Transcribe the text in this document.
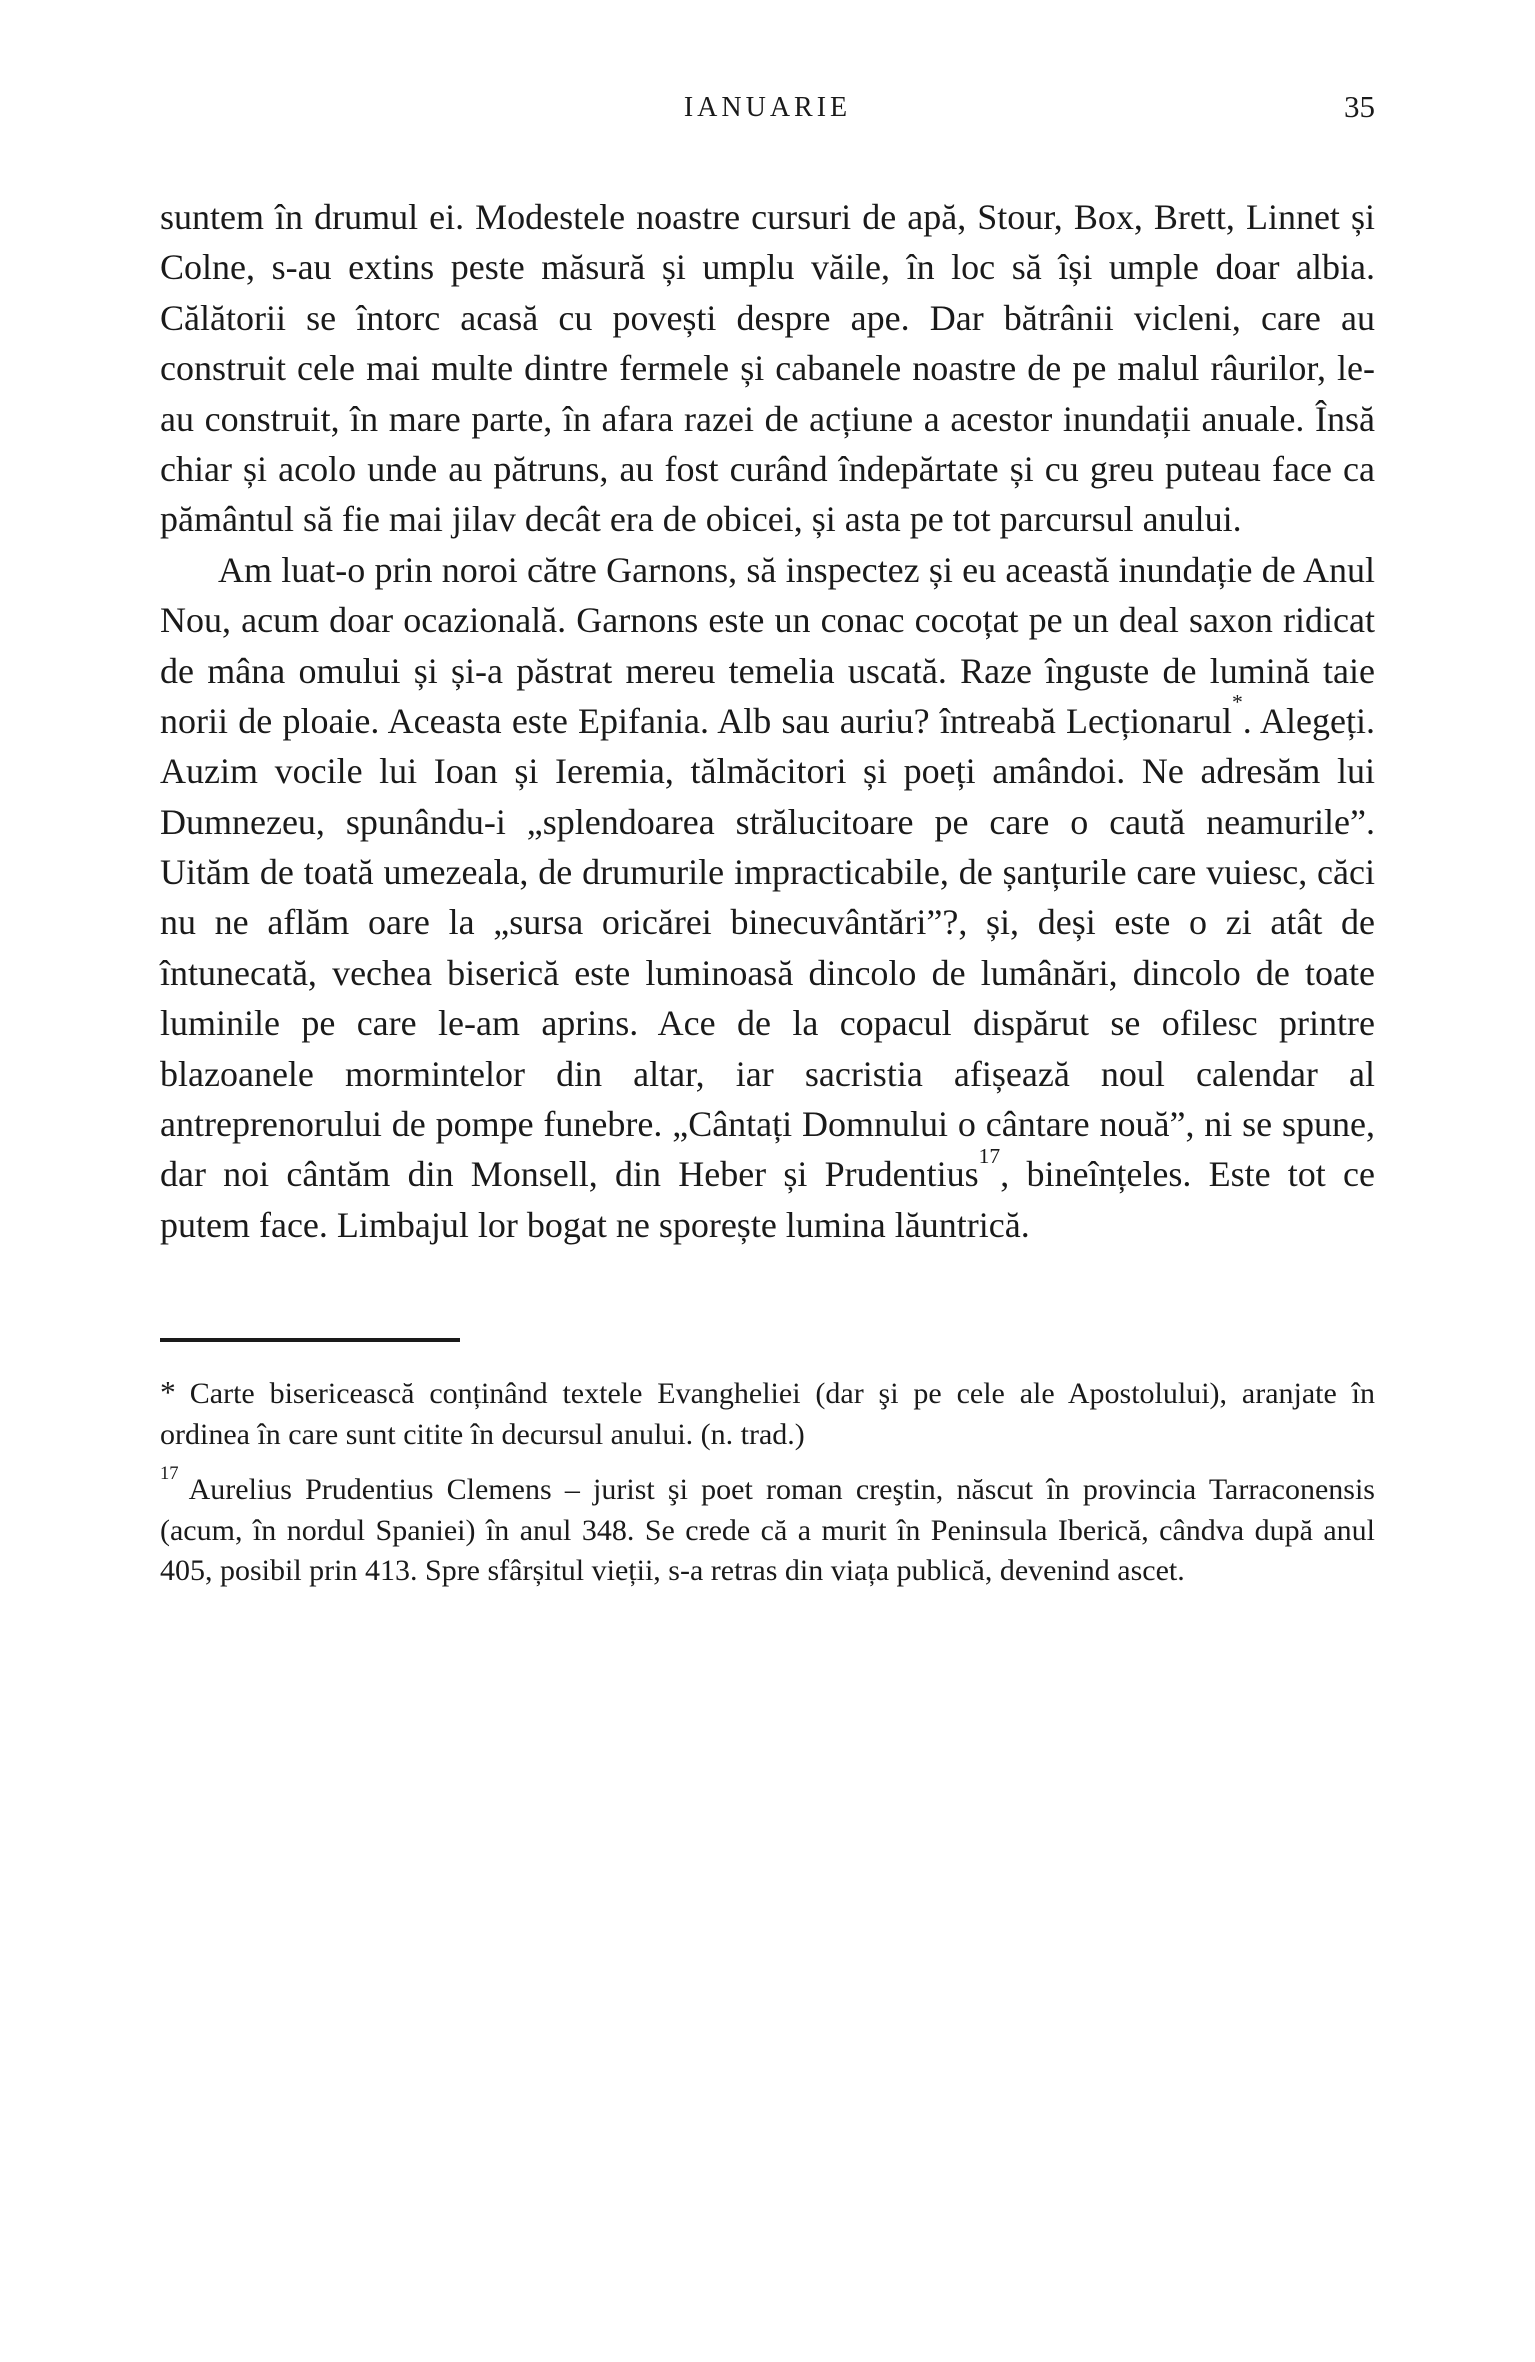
IANUARIE	35

suntem în drumul ei. Modestele noastre cursuri de apă, Stour, Box, Brett, Linnet și Colne, s-au extins peste măsură și umplu văile, în loc să își umple doar albia. Călătorii se întorc acasă cu povești despre ape. Dar bătrânii vicleni, care au construit cele mai multe dintre fermele și cabanele noastre de pe malul râurilor, le-au construit, în mare parte, în afara razei de acțiune a acestor inundații anuale. Însă chiar și acolo unde au pătruns, au fost curând îndepărtate și cu greu puteau face ca pământul să fie mai jilav decât era de obicei, și asta pe tot parcursul anului.

Am luat-o prin noroi către Garnons, să inspectez și eu această inundație de Anul Nou, acum doar ocazională. Garnons este un conac cocoțat pe un deal saxon ridicat de mâna omului și și-a păstrat mereu temelia uscată. Raze înguste de lumină taie norii de ploaie. Aceasta este Epifania. Alb sau auriu? întreabă Lecționarul*. Alegeți. Auzim vocile lui Ioan și Ieremia, tălmăcitori și poeți amândoi. Ne adresăm lui Dumnezeu, spunându-i „splendoarea strălucitoare pe care o caută neamurile”. Uităm de toată umezeala, de drumurile impracticabile, de șanțurile care vuiesc, căci nu ne aflăm oare la „sursa oricărei binecuvântări”?, și, deși este o zi atât de întunecată, vechea biserică este luminoasă dincolo de lumânări, dincolo de toate luminile pe care le-am aprins. Ace de la copacul dispărut se ofilesc printre blazoanele mormintelor din altar, iar sacristia afișează noul calendar al antreprenorului de pompe funebre. „Cântați Domnului o cântare nouă”, ni se spune, dar noi cântăm din Monsell, din Heber și Prudentius$^{17}$, bineînțeles. Este tot ce putem face. Limbajul lor bogat ne sporește lumina lăuntrică.

* Carte bisericească conținând textele Evangheliei (dar şi pe cele ale Apostolului), aranjate în ordinea în care sunt citite în decursul anului. (n. trad.)

$^{17}$ Aurelius Prudentius Clemens – jurist şi poet roman creştin, născut în provincia Tarraconensis (acum, în nordul Spaniei) în anul 348. Se crede că a murit în Peninsula Iberică, cândva după anul 405, posibil prin 413. Spre sfârșitul vieții, s-a retras din viața publică, devenind ascet.
